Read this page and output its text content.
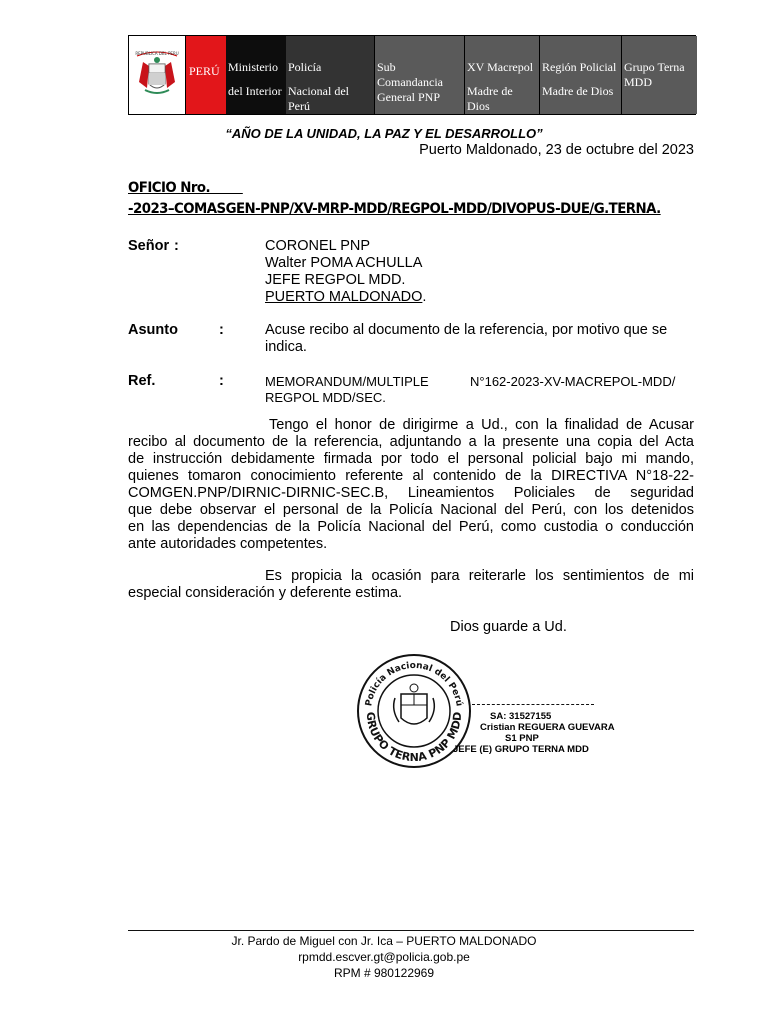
REPUBLICA DEL PERU
PERÚ Ministerio
del Interior
Policía
Nacional del
Perú
Sub
Comandancia
General PNP
XV Macrepol
Madre de
Dios
Región Policial
Madre de Dios
Grupo Terna
MDD
“AÑO DE LA UNIDAD, LA PAZ Y EL DESARROLLO”
Puerto Maldonado, 23 de octubre del 2023
OFICIO Nro.
-2023–COMASGEN-PNP/XV-MRP-MDD/REGPOL-MDD/DIVOPUS-DUE/G.TERNA.
Señor :	CORONEL PNP
Walter POMA ACHULLA
JEFE REGPOL MDD.
PUERTO MALDONADO.
Asunto	:	Acuse recibo al documento de la referencia, por motivo que se
indica.
Ref.	:	MEMORANDUM/MULTIPLE	N°162-2023-XV-MACREPOL-MDD/
REGPOL MDD/SEC.
Tengo el honor de dirigirme a Ud., con la finalidad de Acusar
recibo al documento de la referencia, adjuntando a la presente una copia del Acta
de instrucción debidamente firmada por todo el personal policial bajo mi mando,
quienes tomaron conocimiento referente al contenido de la DIRECTIVA N°18-22-
COMGEN.PNP/DIRNIC-DIRNIC-SEC.B, Lineamientos Policiales de seguridad
que debe observar el personal de la Policía Nacional del Perú, con los detenidos
en las dependencias de la Policía Nacional del Perú, como custodia o conducción
ante autoridades competentes.
Es propicia la ocasión para reiterarle los sentimientos de mi
especial consideración y deferente estima.
Dios guarde a Ud.
Policía Nacional del Perú
GRUPO TERNA PNP MDD	SA: 31527155
Cristian REGUERA GUEVARA
S1 PNP
JEFE (E) GRUPO TERNA MDD
Jr. Pardo de Miguel con Jr. Ica – PUERTO MALDONADO
rpmdd.escver.gt@policia.gob.pe
RPM # 980122969
